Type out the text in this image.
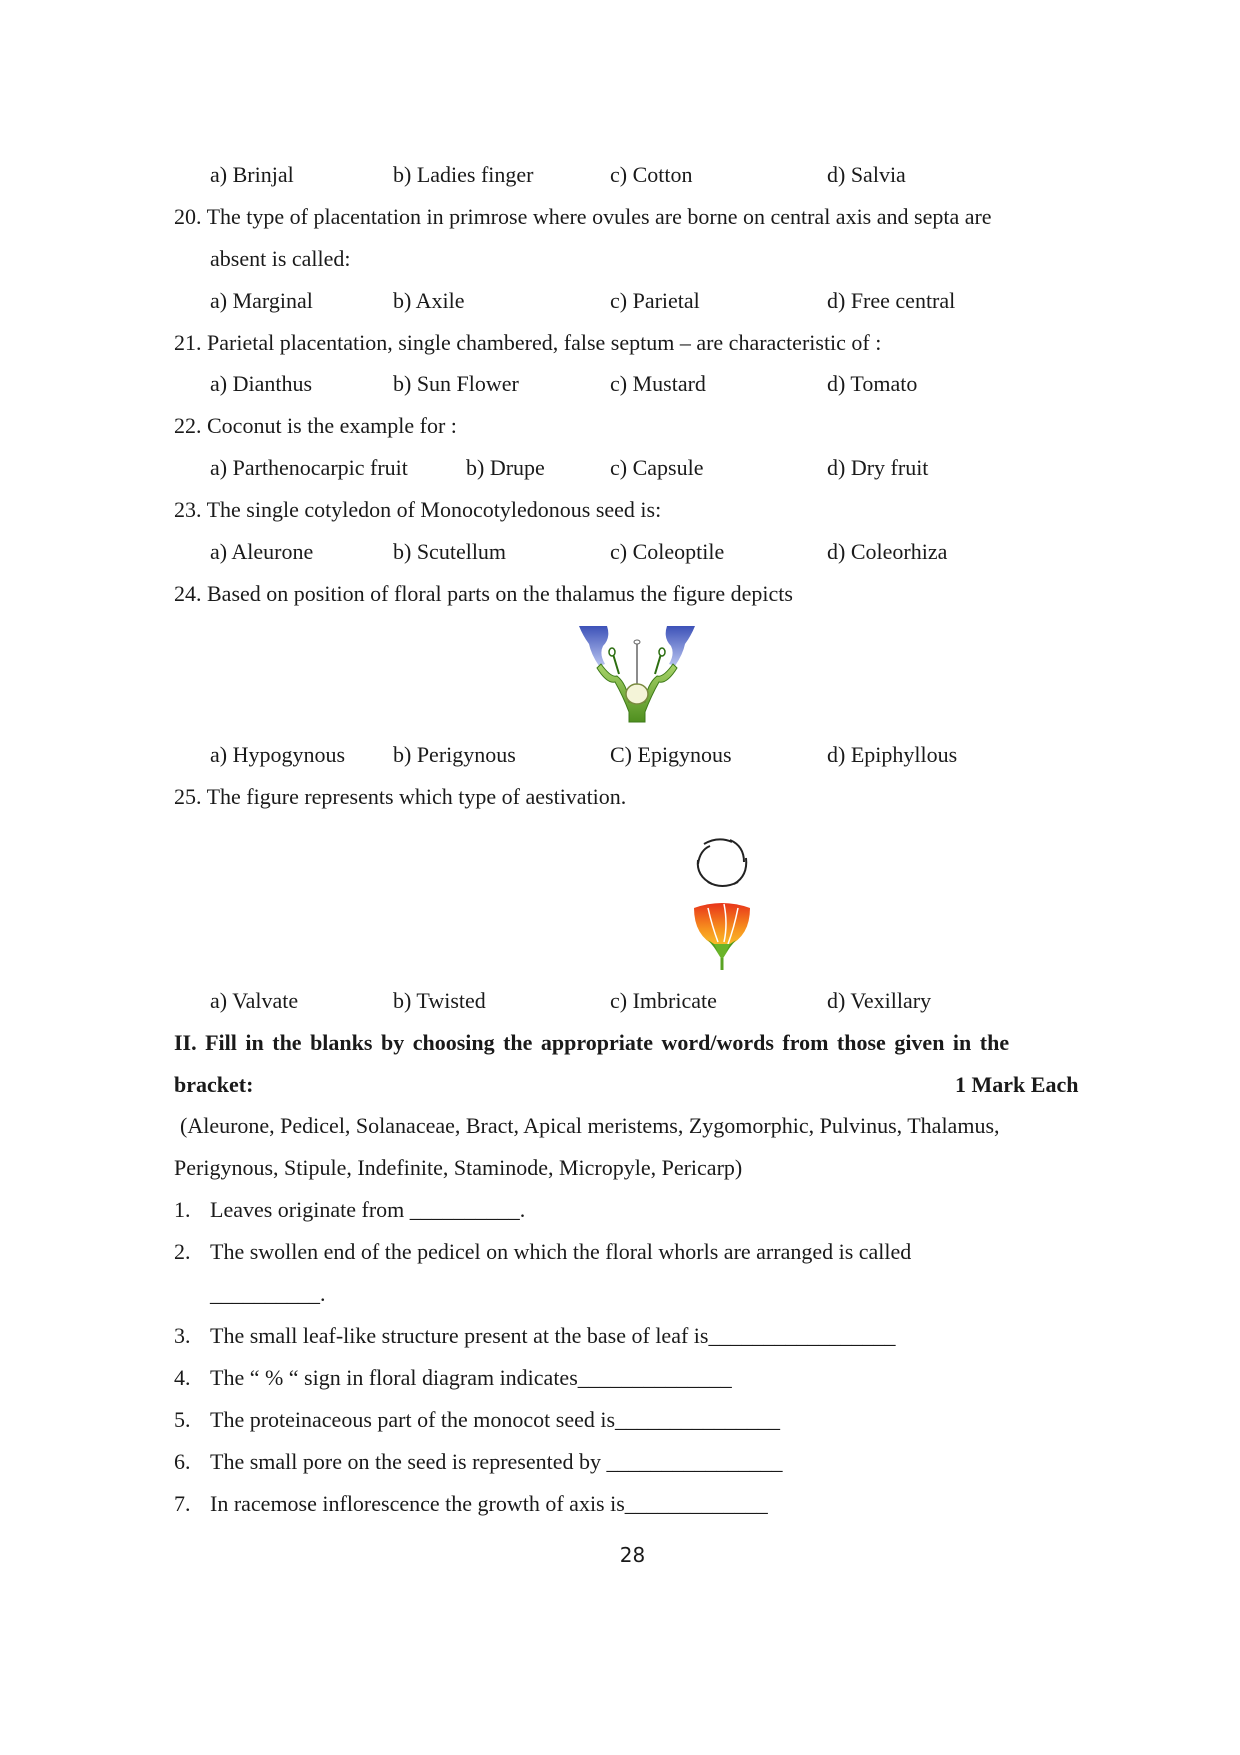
a) Brinjal	b) Ladies finger	c) Cotton	d) Salvia
20. The type of placentation in primrose where ovules are borne on central axis and septa are
absent is called:
a) Marginal	b) Axile	c) Parietal	d) Free central
21. Parietal placentation, single chambered, false septum – are characteristic of :
a) Dianthus	b) Sun Flower	c) Mustard	d) Tomato
22. Coconut is the example for :
a) Parthenocarpic fruit	b) Drupe	c) Capsule	d) Dry fruit
23. The single cotyledon of Monocotyledonous seed is:
a) Aleurone	b) Scutellum	c) Coleoptile	d) Coleorhiza
24. Based on position of floral parts on the thalamus the figure depicts
a) Hypogynous b) Perigynous	C) Epigynous	d) Epiphyllous
25. The figure represents which type of aestivation.
a) Valvate	b) Twisted	c) Imbricate	d) Vexillary
II. Fill in the blanks by choosing the appropriate word/words from those given in the
bracket:	1 Mark Each
(Aleurone, Pedicel, Solanaceae, Bract, Apical meristems, Zygomorphic, Pulvinus, Thalamus,
Perigynous, Stipule, Indefinite, Staminode, Micropyle, Pericarp)
1. Leaves originate from __________.
2. The swollen end of the pedicel on which the floral whorls are arranged is called
__________.
3. The small leaf-like structure present at the base of leaf is_________________
4. The “ % “ sign in floral diagram indicates______________
5. The proteinaceous part of the monocot seed is_______________
6. The small pore on the seed is represented by ________________
7. In racemose inflorescence the growth of axis is_____________
28
